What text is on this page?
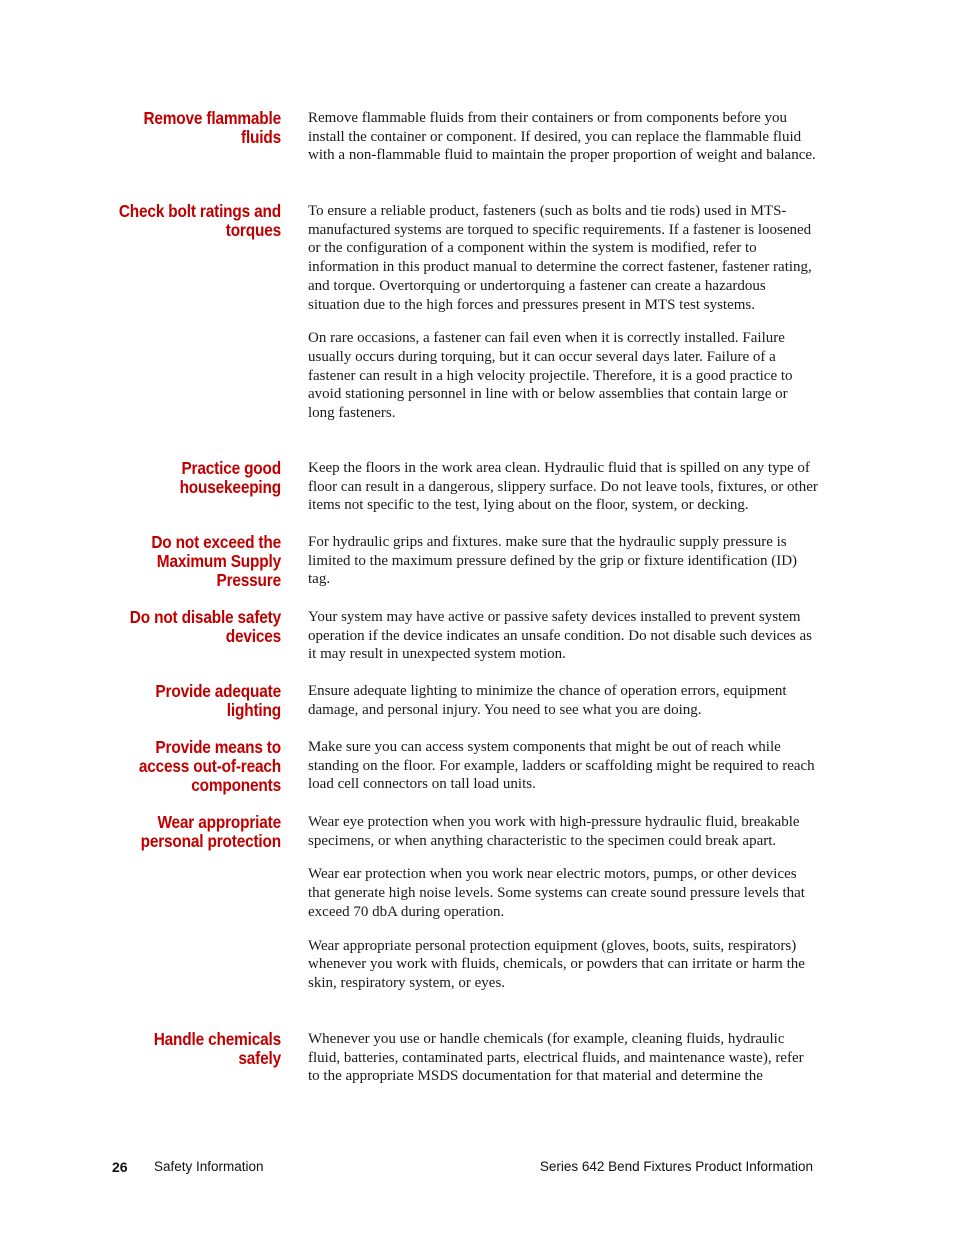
Remove flammable fluids

Remove flammable fluids from their containers or from components before you install the container or component. If desired, you can replace the flammable fluid with a non-flammable fluid to maintain the proper proportion of weight and balance.

Check bolt ratings and torques

To ensure a reliable product, fasteners (such as bolts and tie rods) used in MTS-manufactured systems are torqued to specific requirements. If a fastener is loosened or the configuration of a component within the system is modified, refer to information in this product manual to determine the correct fastener, fastener rating, and torque. Overtorquing or undertorquing a fastener can create a hazardous situation due to the high forces and pressures present in MTS test systems.

On rare occasions, a fastener can fail even when it is correctly installed. Failure usually occurs during torquing, but it can occur several days later. Failure of a fastener can result in a high velocity projectile. Therefore, it is a good practice to avoid stationing personnel in line with or below assemblies that contain large or long fasteners.

Practice good housekeeping

Keep the floors in the work area clean. Hydraulic fluid that is spilled on any type of floor can result in a dangerous, slippery surface. Do not leave tools, fixtures, or other items not specific to the test, lying about on the floor, system, or decking.

Do not exceed the Maximum Supply Pressure

For hydraulic grips and fixtures. make sure that the hydraulic supply pressure is limited to the maximum pressure defined by the grip or fixture identification (ID) tag.

Do not disable safety devices

Your system may have active or passive safety devices installed to prevent system operation if the device indicates an unsafe condition. Do not disable such devices as it may result in unexpected system motion.

Provide adequate lighting

Ensure adequate lighting to minimize the chance of operation errors, equipment damage, and personal injury. You need to see what you are doing.

Provide means to access out-of-reach components

Make sure you can access system components that might be out of reach while standing on the floor. For example, ladders or scaffolding might be required to reach load cell connectors on tall load units.

Wear appropriate personal protection

Wear eye protection when you work with high-pressure hydraulic fluid, breakable specimens, or when anything characteristic to the specimen could break apart.

Wear ear protection when you work near electric motors, pumps, or other devices that generate high noise levels. Some systems can create sound pressure levels that exceed 70 dbA during operation.

Wear appropriate personal protection equipment (gloves, boots, suits, respirators) whenever you work with fluids, chemicals, or powders that can irritate or harm the skin, respiratory system, or eyes.

Handle chemicals safely

Whenever you use or handle chemicals (for example, cleaning fluids, hydraulic fluid, batteries, contaminated parts, electrical fluids, and maintenance waste), refer to the appropriate MSDS documentation for that material and determine the

26 Safety Information	Series 642 Bend Fixtures Product Information
